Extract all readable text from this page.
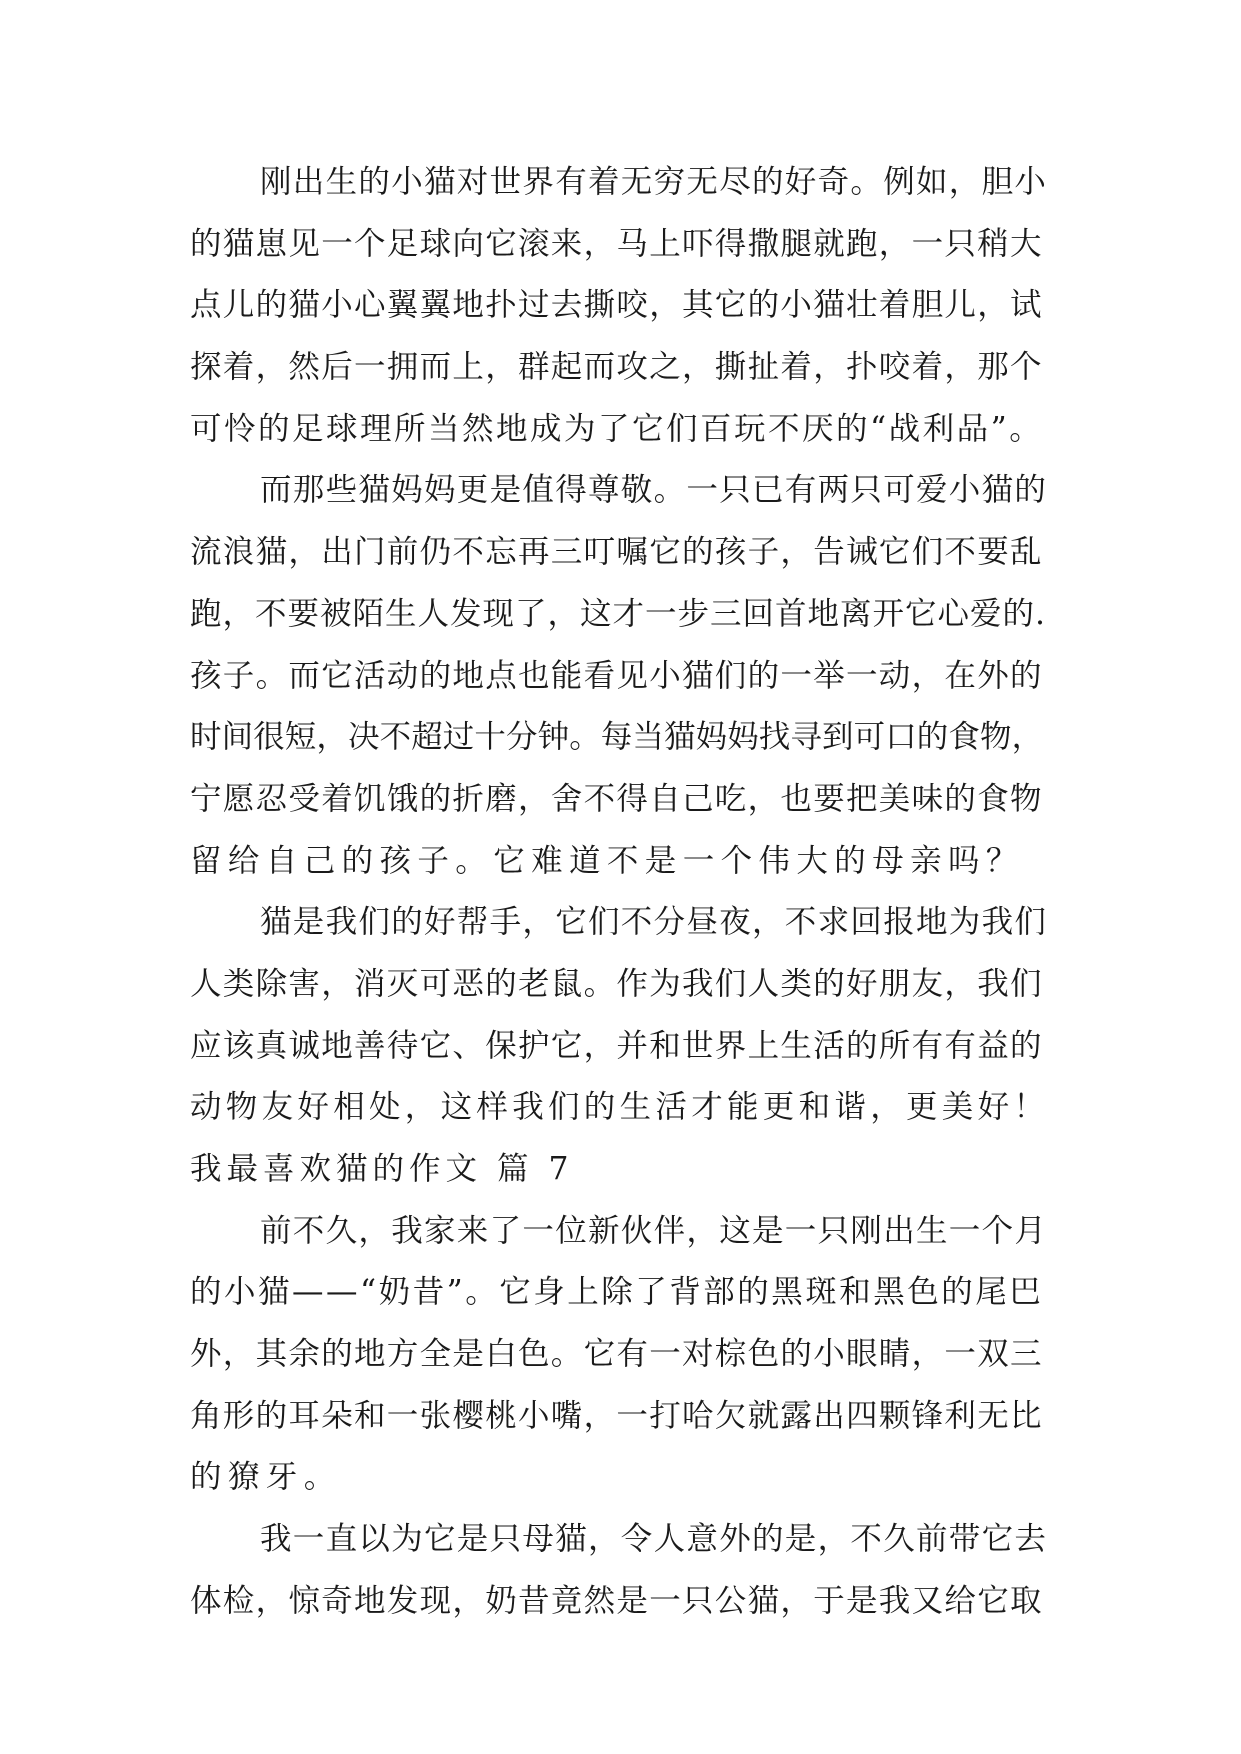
刚出生的小猫对世界有着无穷无尽的好奇。例如，胆小
的猫崽见一个足球向它滚来，马上吓得撒腿就跑，一只稍大
点儿的猫小心翼翼地扑过去撕咬，其它的小猫壮着胆儿，试
探着，然后一拥而上，群起而攻之，撕扯着，扑咬着，那个
可怜的足球理所当然地成为了它们百玩不厌的“战利品”。
而那些猫妈妈更是值得尊敬。一只已有两只可爱小猫的
流浪猫，出门前仍不忘再三叮嘱它的孩子，告诫它们不要乱
跑，不要被陌生人发现了，这才一步三回首地离开它心爱的.
孩子。而它活动的地点也能看见小猫们的一举一动，在外的
时间很短，决不超过十分钟。每当猫妈妈找寻到可口的食物，
宁愿忍受着饥饿的折磨，舍不得自己吃，也要把美味的食物
留给自己的孩子。它难道不是一个伟大的母亲吗？
猫是我们的好帮手，它们不分昼夜，不求回报地为我们
人类除害，消灭可恶的老鼠。作为我们人类的好朋友，我们
应该真诚地善待它、保护它，并和世界上生活的所有有益的
动物友好相处，这样我们的生活才能更和谐，更美好！
我最喜欢猫的作文 篇 7
前不久，我家来了一位新伙伴，这是一只刚出生一个月
的小猫——“奶昔”。它身上除了背部的黑斑和黑色的尾巴
外，其余的地方全是白色。它有一对棕色的小眼睛，一双三
角形的耳朵和一张樱桃小嘴，一打哈欠就露出四颗锋利无比
的獠牙。
我一直以为它是只母猫，令人意外的是，不久前带它去
体检，惊奇地发现，奶昔竟然是一只公猫，于是我又给它取
